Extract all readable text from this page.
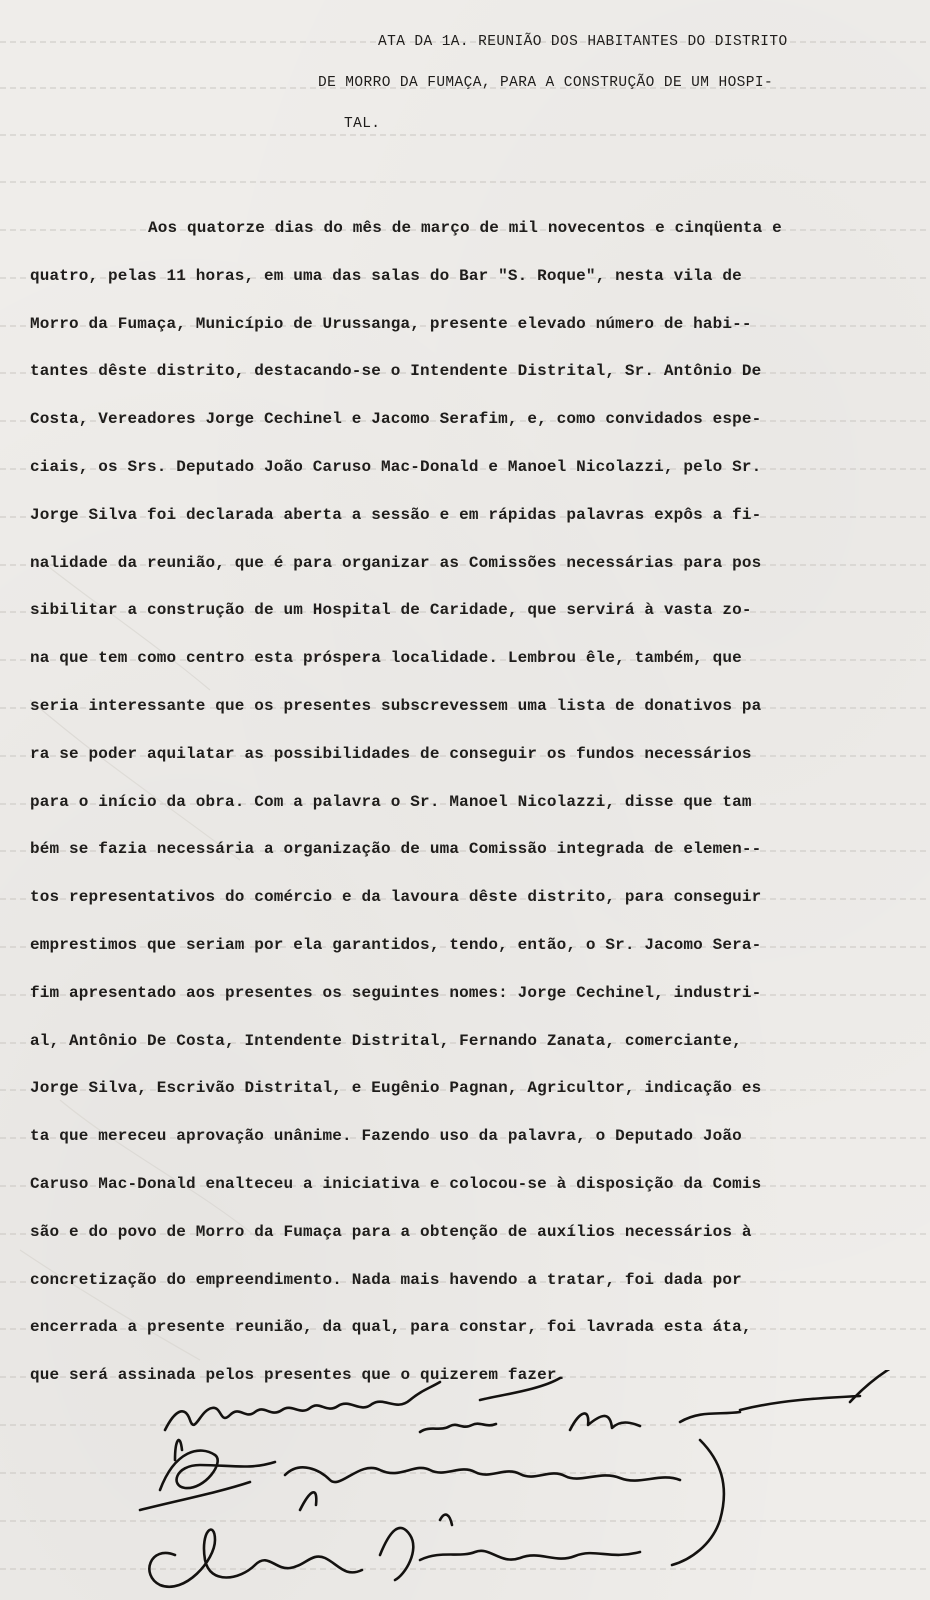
ATA DA 1A. REUNIÃO DOS HABITANTES DO DISTRITO
DE MORRO DA FUMAÇA, PARA A CONSTRUÇÃO DE UM HOSPI-
TAL.
Aos quatorze dias do mês de março de mil novecentos e cinqüenta e
quatro, pelas 11 horas, em uma das salas do Bar "S. Roque", nesta vila de
Morro da Fumaça, Município de Urussanga, presente elevado número de habi--
tantes dêste distrito, destacando-se o Intendente Distrital, Sr. Antônio De
Costa, Vereadores Jorge Cechinel e Jacomo Serafim, e, como convidados espe-
ciais, os Srs. Deputado João Caruso Mac-Donald e Manoel Nicolazzi, pelo Sr.
Jorge Silva foi declarada aberta a sessão e em rápidas palavras expôs a fi-
nalidade da reunião, que é para organizar as Comissões necessárias para pos
sibilitar a construção de um Hospital de Caridade, que servirá à vasta zo-
na que tem como centro esta próspera localidade. Lembrou êle, também, que
seria interessante que os presentes subscrevessem uma lista de donativos pa
ra se poder aquilatar as possibilidades de conseguir os fundos necessários
para o início da obra. Com a palavra o Sr. Manoel Nicolazzi, disse que tam
bém se fazia necessária a organização de uma Comissão integrada de elemen--
tos representativos do comércio e da lavoura dêste distrito, para conseguir
emprestimos que seriam por ela garantidos, tendo, então, o Sr. Jacomo Sera-
fim apresentado aos presentes os seguintes nomes: Jorge Cechinel, industri-
al, Antônio De Costa, Intendente Distrital, Fernando Zanata, comerciante,
Jorge Silva, Escrivão Distrital, e Eugênio Pagnan, Agricultor, indicação es
ta que mereceu aprovação unânime. Fazendo uso da palavra, o Deputado João
Caruso Mac-Donald enalteceu a iniciativa e colocou-se à disposição da Comis
são e do povo de Morro da Fumaça para a obtenção de auxílios necessários à
concretização do empreendimento. Nada mais havendo a tratar, foi dada por
encerrada a presente reunião, da qual, para constar, foi lavrada esta áta,
que será assinada pelos presentes que o quizerem fazer.
